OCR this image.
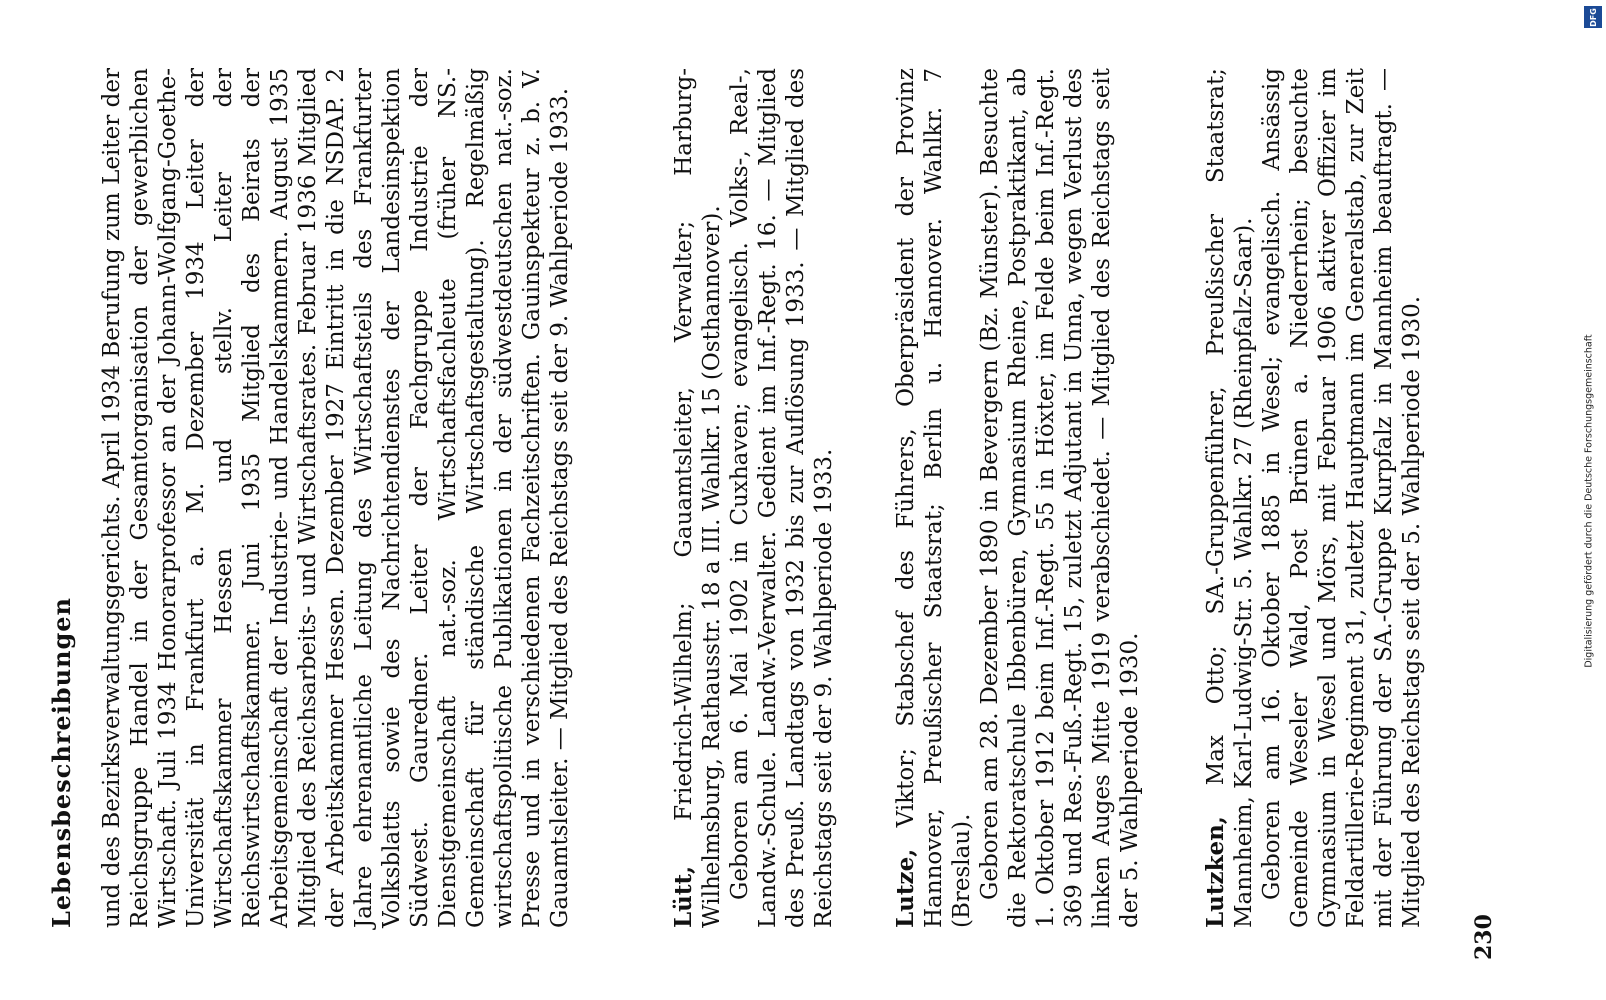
Lebensbeschreibungen und des Bezirksverwaltungsgerichts. April 1934 Berufung zum Leiter der Reichsgruppe Handel in der Gesamtorganisation der gewerblichen Wirtschaft. Juli 1934 Honorarprofessor an der Johann-Wolfgang-Goethe-Universität in Frankfurt a. M. Dezember 1934 Leiter der Wirtschaftskammer Hessen und stellv. Leiter der Reichswirtschaftskammer. Juni 1935 Mitglied des Beirats der Arbeitsgemeinschaft der Industrie- und Handelskammern. August 1935 Mitglied des Reichsarbeits- und Wirtschaftsrates. Februar 1936 Mitglied der Arbeitskammer Hessen. Dezember 1927 Eintritt in die NSDAP. 2 Jahre ehrenamtliche Leitung des Wirtschaftsteils des Frankfurter Volksblatts sowie des Nachrichtendienstes der Landesinspektion Südwest. Gauredner. Leiter der Fachgruppe Industrie der Dienstgemeinschaft nat.-soz. Wirtschaftsfachleute (früher NS.-Gemeinschaft für ständische Wirtschaftsgestaltung). Regelmäßig wirtschaftspolitische Publikationen in der südwestdeutschen nat.-soz. Presse und in verschiedenen Fachzeitschriften. Gauinspekteur z. b. V. Gauamtsleiter. — Mitglied des Reichstags seit der 9. Wahlperiode 1933.	Lütt, Friedrich-Wilhelm; Gauamtsleiter, Verwalter; Harburg-Wilhelmsburg, Rathausstr. 18 a III. Wahlkr. 15 (Osthannover). Geboren am 6. Mai 1902 in Cuxhaven; evangelisch. Volks-, Real-, Landw.-Schule. Landw.-Verwalter. Gedient im Inf.-Regt. 16. — Mitglied des Preuß. Landtags von 1932 bis zur Auflösung 1933. — Mitglied des Reichstags seit der 9. Wahlperiode 1933. Lutze, Viktor; Stabschef des Führers, Oberpräsident der Provinz Hannover, Preußischer Staatsrat; Berlin u. Hannover. Wahlkr. 7 (Breslau). Geboren am 28. Dezember 1890 in Bevergern (Bz. Münster). Besuchte die Rektoratschule Ibbenbüren, Gymnasium Rheine, Postpraktikant, ab 1. Oktober 1912 beim Inf.-Regt. 55 in Höxter, im Felde beim Inf.-Regt. 369 und Res.-Fuß.-Regt. 15, zuletzt Adjutant in Unna, wegen Verlust des linken Auges Mitte 1919 verabschiedet. — Mitglied des Reichstags seit der 5. Wahlperiode 1930.	Lutzken, Max Otto; SA.-Gruppenführer, Preußischer Staatsrat; Mannheim, Karl-Ludwig-Str. 5. Wahlkr. 27 (Rheinpfalz-Saar). Geboren am 16. Oktober 1885 in Wesel; evangelisch. Ansässig Gemeinde Weseler Wald, Post Brünen a. Niederrhein; besuchte Gymnasium in Wesel und Mörs, mit Februar 1906 aktiver Offizier im Feldartillerie-Regiment 31, zuletzt Hauptmann im Generalstab, zur Zeit mit der Führung der SA.-Gruppe Kurpfalz in Mannheim beauftragt. — Mitglied des Reichstags seit der 5. Wahlperiode 1930.

230
Digitalisierung gefördert durch die Deutsche Forschungsgemeinschaft
DFG
